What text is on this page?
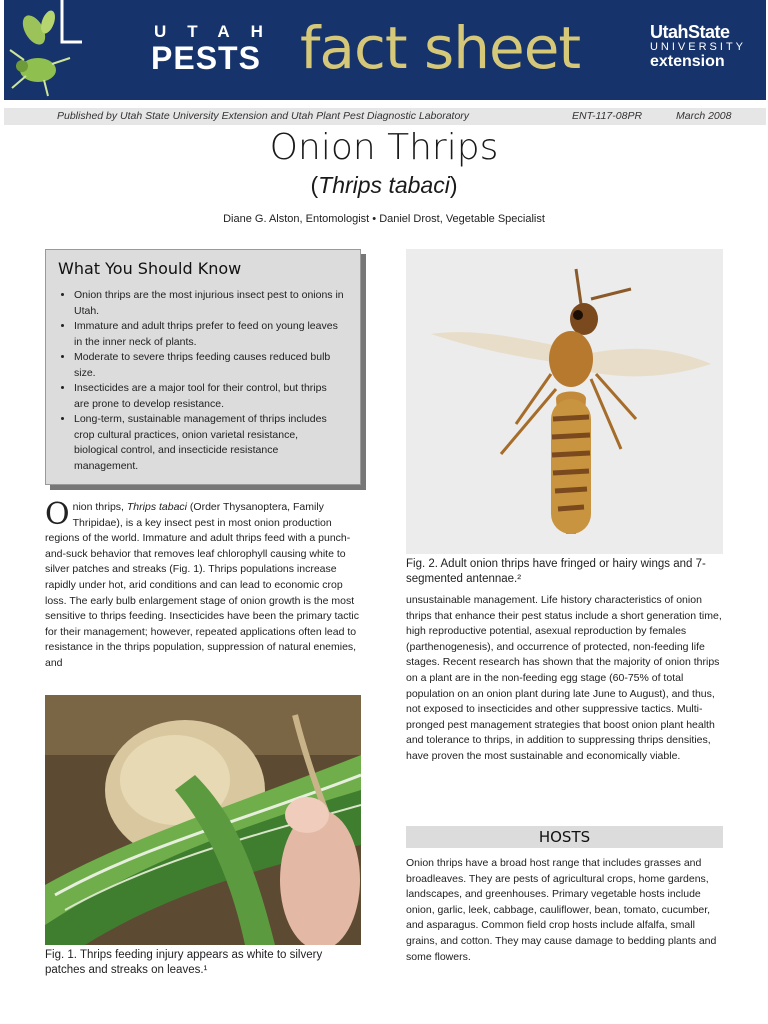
UTAH
PESTS fact sheet	UtahState
UNIVERSITY
extension
Published by Utah State University Extension and Utah Plant Pest Diagnostic Laboratory	ENT-117-08PR	March 2008
Onion Thrips
(Thrips tabaci)
Diane G. Alston, Entomologist • Daniel Drost, Vegetable Specialist
What You Should Know
• Onion thrips are the most injurious insect pest to onions in Utah.
• Immature and adult thrips prefer to feed on young leaves in the inner neck of plants.
• Moderate to severe thrips feeding causes reduced bulb size.
• Insecticides are a major tool for their control, but thrips are prone to develop resistance.
• Long-term, sustainable management of thrips includes crop cultural practices, onion varietal resistance, biological control, and insecticide resistance management.
Onion thrips, Thrips tabaci (Order Thysanoptera, Family Thripidae), is a key insect pest in most onion production regions of the world. Immature and adult thrips feed with a punch-and-suck behavior that removes leaf chlorophyll causing white to silver patches and streaks (Fig. 1). Thrips populations increase rapidly under hot, arid conditions and can lead to economic crop loss. The early bulb enlargement stage of onion growth is the most sensitive to thrips feeding. Insecticides have been the primary tactic for their management; however, repeated applications often lead to resistance in the thrips population, suppression of natural enemies, and
Fig. 1. Thrips feeding injury appears as white to silvery patches and streaks on leaves.¹
Fig. 2. Adult onion thrips have fringed or hairy wings and 7-segmented antennae.²
unsustainable management. Life history characteristics of onion thrips that enhance their pest status include a short generation time, high reproductive potential, asexual reproduction by females (parthenogenesis), and occurrence of protected, non-feeding life stages. Recent research has shown that the majority of onion thrips on a plant are in the non-feeding egg stage (60-75% of total population on an onion plant during late June to August), and thus, not exposed to insecticides and other suppressive tactics. Multi-pronged pest management strategies that boost onion plant health and tolerance to thrips, in addition to suppressing thrips densities, have proven the most sustainable and economically viable.
HOSTS
Onion thrips have a broad host range that includes grasses and broadleaves. They are pests of agricultural crops, home gardens, landscapes, and greenhouses. Primary vegetable hosts include onion, garlic, leek, cabbage, cauliflower, bean, tomato, cucumber, and asparagus. Common field crop hosts include alfalfa, small grains, and cotton. They may cause damage to bedding plants and some flowers.
